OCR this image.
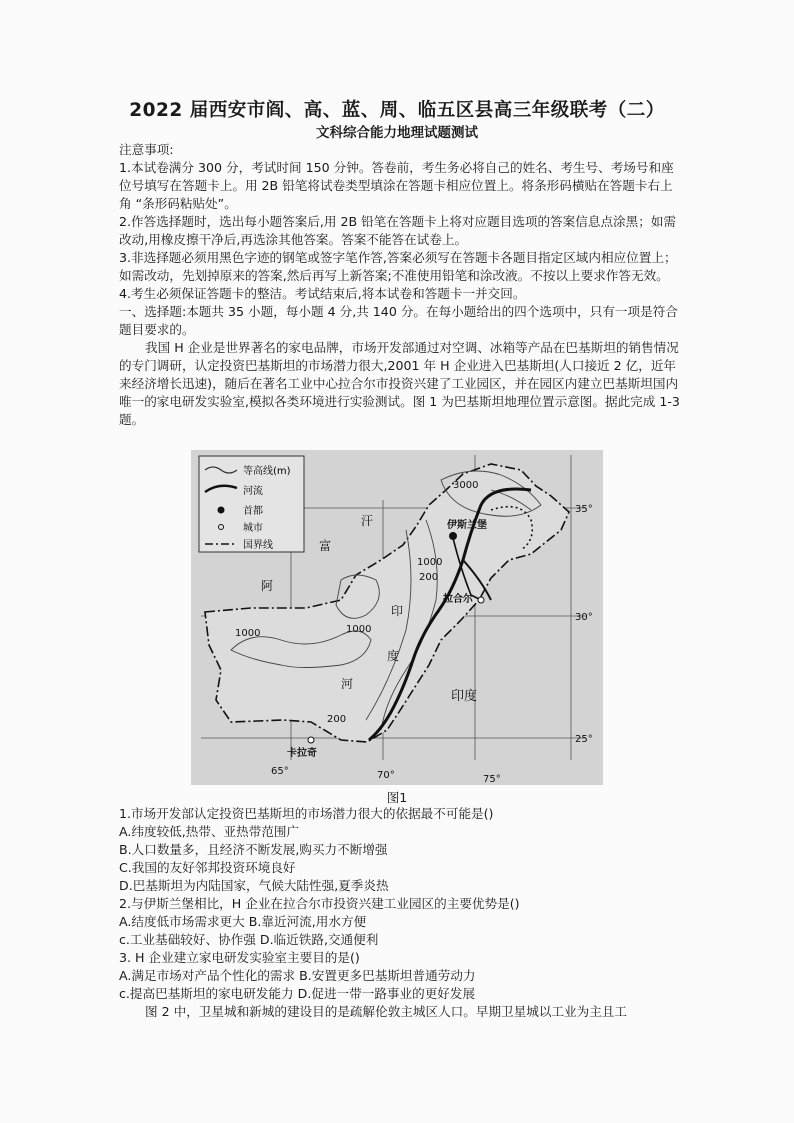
2022 届西安市阎、高、蓝、周、临五区县高三年级联考（二）
文科综合能力地理试题测试
注意事项:
1.本试卷满分 300 分，考试时间 150 分钟。答卷前，考生务必将自己的姓名、考生号、考场号和座位号填写在答题卡上。用 2B 铅笔将试卷类型填涂在答题卡相应位置上。将条形码横贴在答题卡右上角 “条形码粘贴处”。
2.作答选择题时，选出每小题答案后,用 2B 铅笔在答题卡上将对应题目选项的答案信息点涂黑；如需改动,用橡皮擦干净后,再选涂其他答案。答案不能答在试卷上。
3.非选择题必须用黑色字迹的钢笔或签字笔作答,答案必须写在答题卡各题目指定区域内相应位置上；如需改动，先划掉原来的答案,然后再写上新答案;不准使用铅笔和涂改液。不按以上要求作答无效。
4.考生必须保证答题卡的整洁。考试结束后,将本试卷和答题卡一并交回。
一、选择题:本题共 35 小题，每小题 4 分,共 140 分。在每小题给出的四个选项中，只有一项是符合题目要求的。
我国 H 企业是世界著名的家电品牌，市场开发部通过对空调、冰箱等产品在巴基斯坦的销售情况的专门调研，认定投资巴基斯坦的市场潜力很大,2001 年 H 企业进入巴基斯坦(人口接近 2 亿，近年来经济增长迅速)，随后在著名工业中心拉合尔市投资兴建了工业园区，并在园区内建立巴基斯坦国内唯一的家电研发实验室,模拟各类环境进行实验测试。图 1 为巴基斯坦地理位置示意图。据此完成 1-3 题。
等高线(m)
河流
首都
城市
国界线
阿
富
汗
印
度
河
印度
伊斯兰堡
拉合尔
卡拉奇
3000
1000
200
1000
1000
200
35°
30°
25°
65°	70°	75°
图1
1.市场开发部认定投资巴基斯坦的市场潜力很大的依据最不可能是()
A.纬度较低,热带、亚热带范围广
B.人口数量多，且经济不断发展,购买力不断增强
C.我国的友好邻邦投资环境良好
D.巴基斯坦为内陆国家，气候大陆性强,夏季炎热
2.与伊斯兰堡相比，H 企业在拉合尔市投资兴建工业园区的主要优势是()
A.结度低市场需求更大 B.靠近河流,用水方便
c.工业基础较好、协作强 D.临近铁路,交通便利
3. H 企业建立家电研发实验室主要目的是()
A.满足市场对产品个性化的需求 B.安置更多巴基斯坦普通劳动力
c.提高巴基斯坦的家电研发能力 D.促进一带一路事业的更好发展
图 2 中，卫星城和新城的建设目的是疏解伦敦主城区人口。早期卫星城以工业为主且工
